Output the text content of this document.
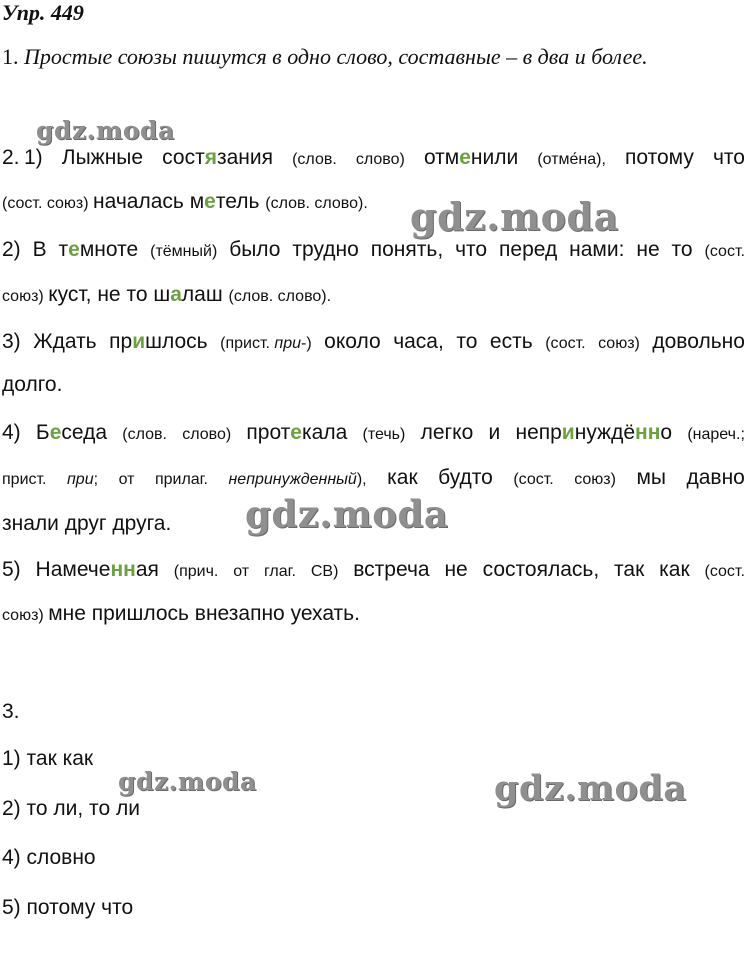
Упр. 449
1. Простые союзы пишутся в одно слово, составные – в два и более.
2. 1) Лыжные состязания (слов. слово) отменили (отме́на), потому что
(сост. союз) началась метель (слов. слово).
2) В темноте (тёмный) было трудно понять, что перед нами: не то (сост.
союз) куст, не то шалаш (слов. слово).
3) Ждать пришлось (прист. при-) около часа, то есть (сост. союз) довольно
долго.
4) Беседа (слов. слово) протекала (течь) легко и непринуждённо (нареч.;
прист. при; от прилаг. непринужденный), как будто (сост. союз) мы давно
знали друг друга.
5) Намеченная (прич. от глаг. СВ) встреча не состоялась, так как (сост.
союз) мне пришлось внезапно уехать.
3.
1) так как
2) то ли, то ли
4) словно
5) потому что
gdz.moda
gdz.moda
gdz.moda
gdz.moda	gdz.moda
